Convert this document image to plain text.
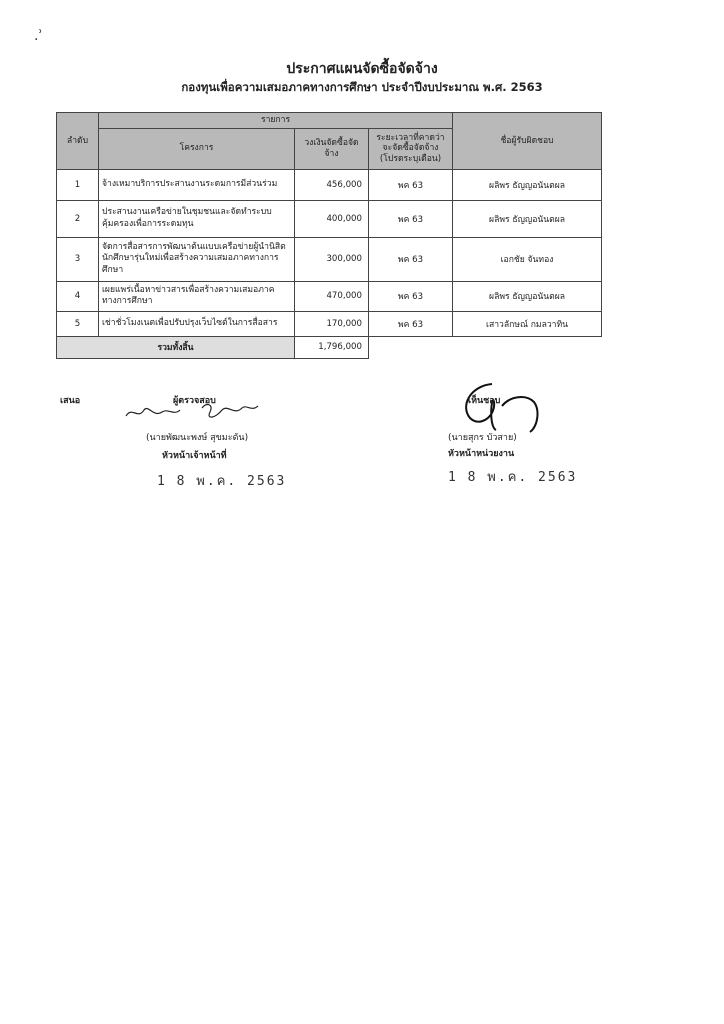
.ʾ
ประกาศแผนจัดซื้อจัดจ้าง
กองทุนเพื่อความเสมอภาคทางการศึกษา ประจำปีงบประมาณ พ.ศ. 2563
ลำดับ	รายการ			ชื่อผู้รับผิดชอบ
	โครงการ	วงเงินจัดซื้อจัดจ้าง	ระยะเวลาที่คาดว่าจะจัดซื้อจัดจ้าง (โปรดระบุเดือน)	
1	จ้างเหมาบริการประสานงานระดมการมีส่วนร่วม	456,000	พค 63	ผลิพร ธัญญอนันตผล
2	ประสานงานเครือข่ายในชุมชนและจัดทำระบบคุ้มครองเพื่อการระดมทุน	400,000	พค 63	ผลิพร ธัญญอนันตผล
3	จัดการสื่อสารการพัฒนาต้นแบบเครือข่ายผู้นำนิสิตนักศึกษารุ่นใหม่เพื่อสร้างความเสมอภาคทางการศึกษา	300,000	พค 63	เอกชัย จันทอง
4	เผยแพร่เนื้อหาข่าวสารเพื่อสร้างความเสมอภาคทางการศึกษา	470,000	พค 63	ผลิพร ธัญญอนันตผล
5	เช่าชั่วโมงเนตเพื่อปรับปรุงเว็บไซต์ในการสื่อสาร	170,000	พค 63	เสาวลักษณ์ กมลวาทิน
รวมทั้งสิ้น		1,796,000		
เสนอ	ผู้ตรวจสอบ
(นายพัฒนะพงษ์ สุขมะดัน)
หัวหน้าเจ้าหน้าที่
1 8 พ.ค. 2563
เห็นชอบ
(นายสุกร บัวสาย)
หัวหน้าหน่วยงาน
1 8 พ.ค. 2563
